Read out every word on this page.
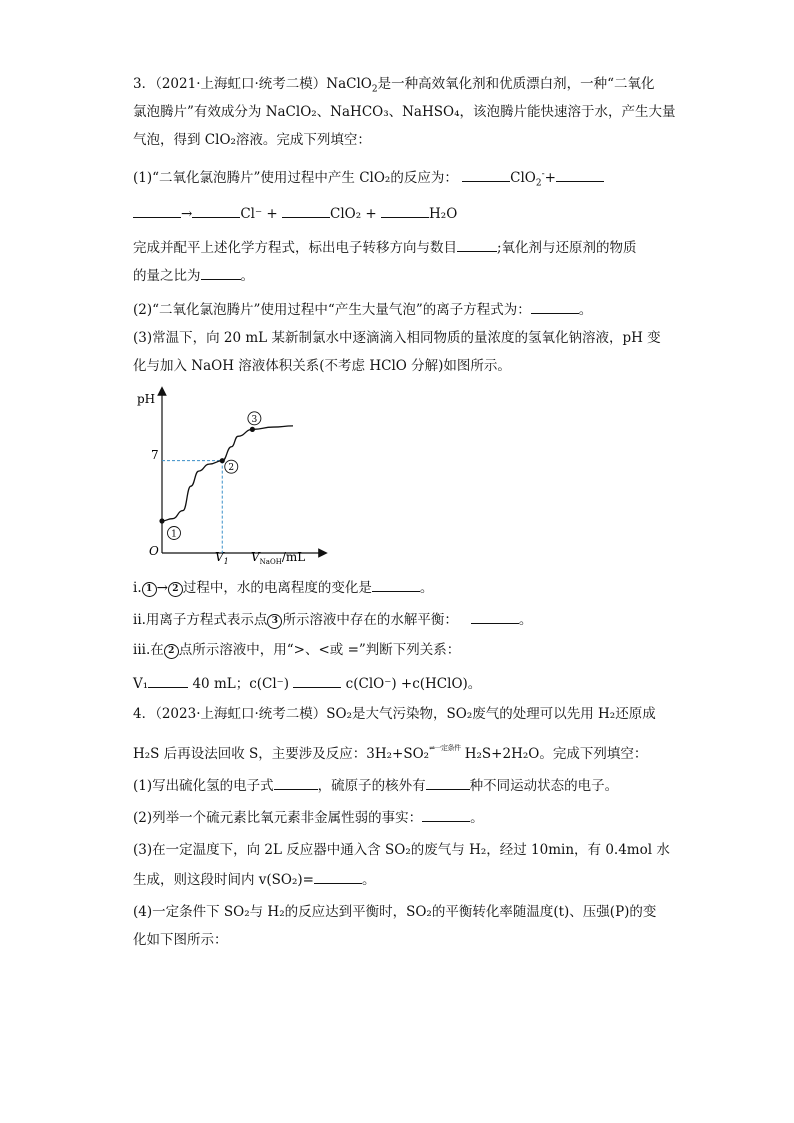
3．（2021·上海虹口·统考二模）NaClO$_2$是一种高效氧化剂和优质漂白剂，一种“二氧化
氯泡腾片”有效成分为 NaClO₂、NaHCO₃、NaHSO₄，该泡腾片能快速溶于水，产生大量
气泡，得到 ClO₂溶液。完成下列填空：
(1)“二氧化氯泡腾片”使用过程中产生 ClO₂的反应为：	ClO$_2$-+
→	Cl⁻ +	ClO₂ +	H₂O
完成并配平上述化学方程式，标出电子转移方向与数目	;氧化剂与还原剂的物质
的量之比为	。
(2)“二氧化氯泡腾片”使用过程中“产生大量气泡”的离子方程式为：	。
(3)常温下，向 20 mL 某新制氯水中逐滴滴入相同物质的量浓度的氢氧化钠溶液，pH 变
化与加入 NaOH 溶液体积关系(不考虑 HClO 分解)如图所示。
pH
O
7
$V_1$ $V_{NaOH}/mL$
1
2
3
i. 1 → 2 过程中，水的电离程度的变化是	。
ii.用离子方程式表示点 3 所示溶液中存在的水解平衡：	。
iii.在 2 点所示溶液中，用“>、<或 =”判断下列关系：
V₁	40 mL；c(Cl⁻)	c(ClO⁻) +c(HClO)。
4．（2023·上海虹口·统考二模）SO₂是大气污染物，SO₂废气的处理可以先用 H₂还原成
H₂S 后再设法回收 S，主要涉及反应：3H₂+SO₂⇌一定条件 H₂S+2H₂O。完成下列填空：
(1)写出硫化氢的电子式	，硫原子的核外有	种不同运动状态的电子。
(2)列举一个硫元素比氧元素非金属性弱的事实：	。
(3)在一定温度下，向 2L 反应器中通入含 SO₂的废气与 H₂，经过 10min，有 0.4mol 水
生成，则这段时间内 v(SO₂)=	。
(4)一定条件下 SO₂与 H₂的反应达到平衡时，SO₂的平衡转化率随温度(t)、压强(P)的变
化如下图所示：
